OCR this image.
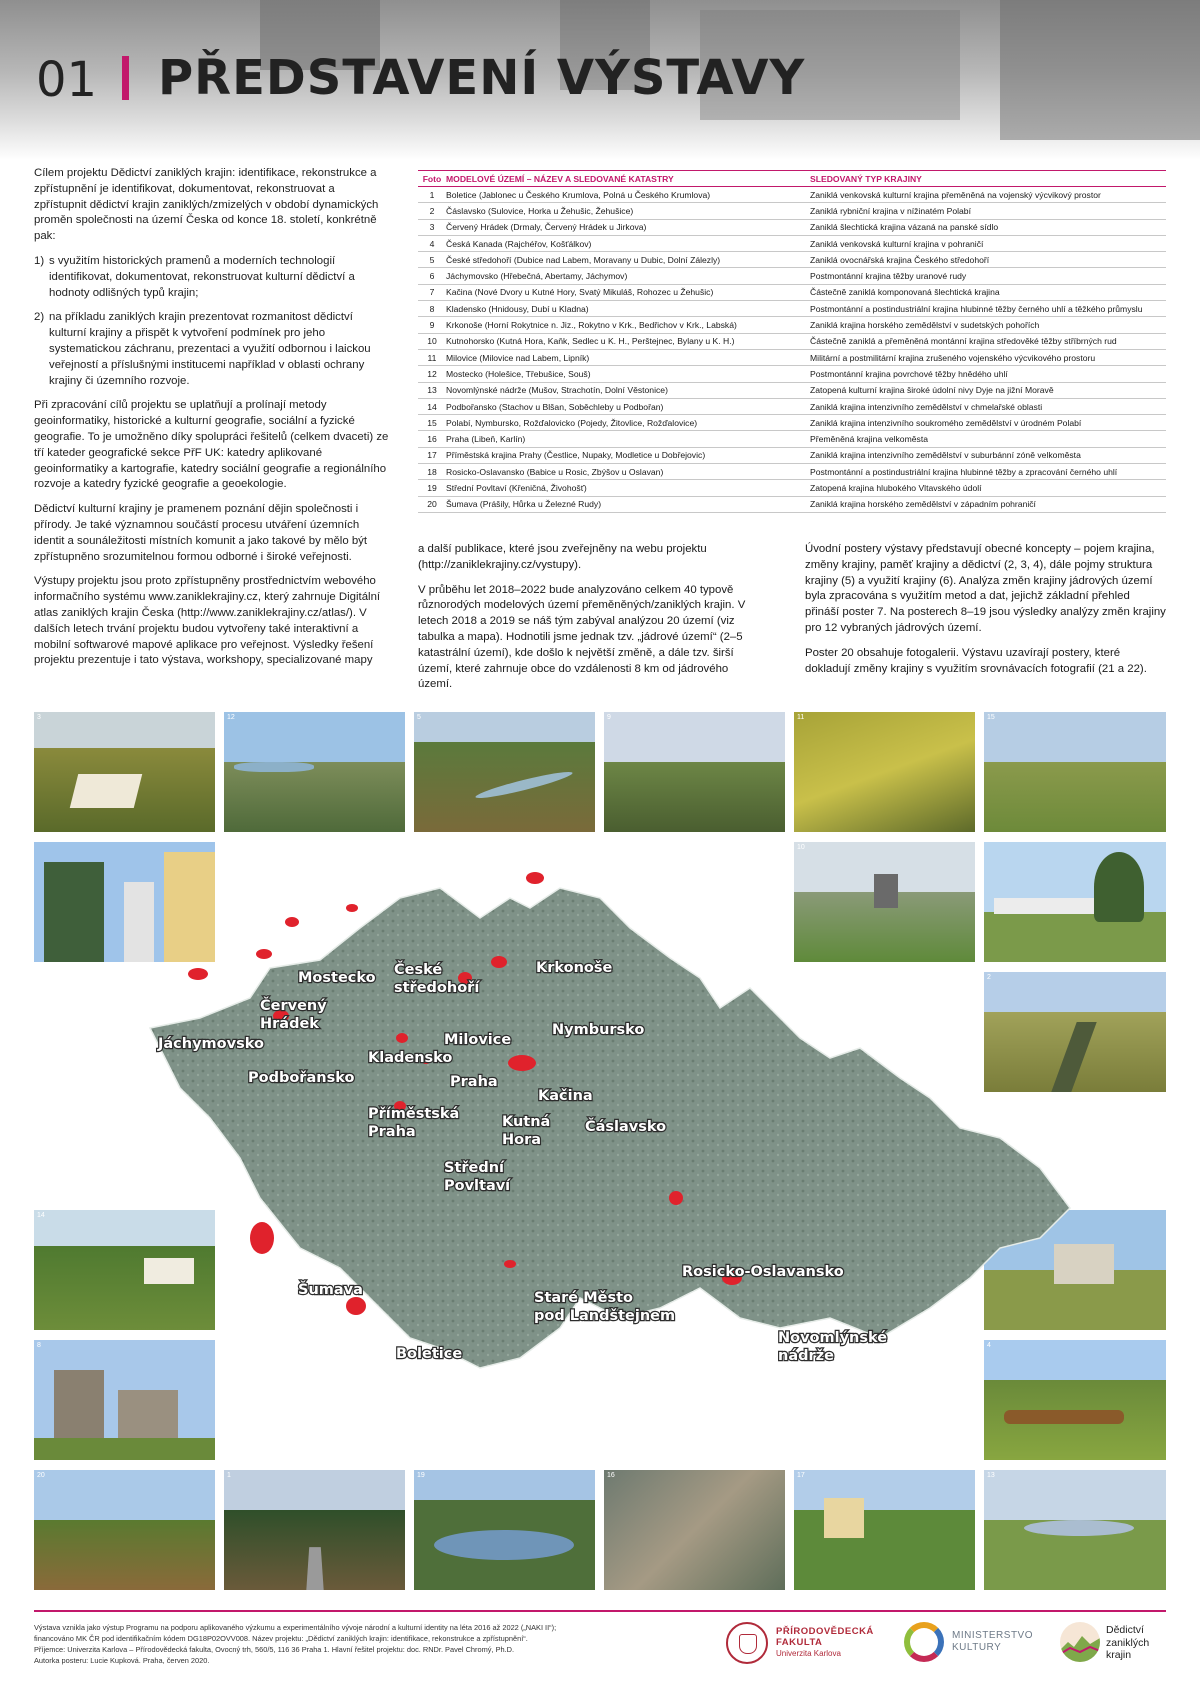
01 PŘEDSTAVENÍ VÝSTAVY

Cílem projektu Dědictví zaniklých krajin: identifikace, rekonstrukce a zpřístupnění je identifikovat, dokumentovat, rekonstruovat a zpřístupnit dědictví krajin zaniklých/zmizelých v období dynamických proměn společnosti na území Česka od konce 18. století, konkrétně pak:

1) s využitím historických pramenů a moderních technologií identifikovat, dokumentovat, rekonstruovat kulturní dědictví a hodnoty odlišných typů krajin;
2) na příkladu zaniklých krajin prezentovat rozmanitost dědictví kulturní krajiny a přispět k vytvoření podmínek pro jeho systematickou záchranu, prezentaci a využití odbornou i laickou veřejností a příslušnými institucemi například v oblasti ochrany krajiny či územního rozvoje.

Při zpracování cílů projektu se uplatňují a prolínají metody geoinformatiky, historické a kulturní geografie, sociální a fyzické geografie. To je umožněno díky spolupráci řešitelů (celkem dvaceti) ze tří kateder geografické sekce PřF UK: katedry aplikované geoinformatiky a kartografie, katedry sociální geografie a regionálního rozvoje a katedry fyzické geografie a geoekologie.

Dědictví kulturní krajiny je pramenem poznání dějin společnosti i přírody. Je také významnou součástí procesu utváření územních identit a sounáležitosti místních komunit a jako takové by mělo být zpřístupněno srozumitelnou formou odborné i široké veřejnosti.

Výstupy projektu jsou proto zpřístupněny prostřednictvím webového informačního systému www.zaniklekrajiny.cz, který zahrnuje Digitální atlas zaniklých krajin Česka (http://www.zaniklekrajiny.cz/atlas/). V dalších letech trvání projektu budou vytvořeny také interaktivní a mobilní softwarové mapové aplikace pro veřejnost. Výsledky řešení projektu prezentuje i tato výstava, workshopy, specializované mapy

Foto	MODELOVÉ ÚZEMÍ – NÁZEV A SLEDOVANÉ KATASTRY	SLEDOVANÝ TYP KRAJINY
1	Boletice (Jablonec u Českého Krumlova, Polná u Českého Krumlova)	Zaniklá venkovská kulturní krajina přeměněná na vojenský výcvikový prostor
2	Čáslavsko (Sulovice, Horka u Žehušic, Žehušice)	Zaniklá rybniční krajina v nížinatém Polabí
3	Červený Hrádek (Drmaly, Červený Hrádek u Jirkova)	Zaniklá šlechtická krajina vázaná na panské sídlo
4	Česká Kanada (Rajchéřov, Košťálkov)	Zaniklá venkovská kulturní krajina v pohraničí
5	České středohoří (Dubice nad Labem, Moravany u Dubic, Dolní Zálezly)	Zaniklá ovocnářská krajina Českého středohoří
6	Jáchymovsko (Hřebečná, Abertamy, Jáchymov)	Postmontánní krajina těžby uranové rudy
7	Kačina (Nové Dvory u Kutné Hory, Svatý Mikuláš, Rohozec u Žehušic)	Částečně zaniklá komponovaná šlechtická krajina
8	Kladensko (Hnidousy, Dubí u Kladna)	Postmontánní a postindustriální krajina hlubinné těžby černého uhlí a těžkého průmyslu
9	Krkonoše (Horní Rokytnice n. Jiz., Rokytno v Krk., Bedřichov v Krk., Labská)	Zaniklá krajina horského zemědělství v sudetských pohořích
10	Kutnohorsko (Kutná Hora, Kaňk, Sedlec u K. H., Perštejnec, Bylany u K. H.)	Částečně zaniklá a přeměněná montánní krajina středověké těžby stříbrných rud
11	Milovice (Milovice nad Labem, Lipník)	Militární a postmilitární krajina zrušeného vojenského výcvikového prostoru
12	Mostecko (Holešice, Třebušice, Souš)	Postmontánní krajina povrchové těžby hnědého uhlí
13	Novomlýnské nádrže (Mušov, Strachotín, Dolní Věstonice)	Zatopená kulturní krajina široké údolní nivy Dyje na jižní Moravě
14	Podbořansko (Stachov u Blšan, Soběchleby u Podbořan)	Zaniklá krajina intenzivního zemědělství v chmelařské oblasti
15	Polabí, Nymbursko, Rožďalovicko (Pojedy, Žitovlice, Rožďalovice)	Zaniklá krajina intenzivního soukromého zemědělství v úrodném Polabí
16	Praha (Libeň, Karlín)	Přeměněná krajina velkoměsta
17	Příměstská krajina Prahy (Čestlice, Nupaky, Modletice u Dobřejovic)	Zaniklá krajina intenzivního zemědělství v suburbánní zóně velkoměsta
18	Rosicko-Oslavansko (Babice u Rosic, Zbýšov u Oslavan)	Postmontánní a postindustriální krajina hlubinné těžby a zpracování černého uhlí
19	Střední Povltaví (Křeničná, Živohošť)	Zatopená krajina hlubokého Vltavského údolí
20	Šumava (Prášily, Hůrka u Železné Rudy)	Zaniklá krajina horského zemědělství v západním pohraničí

a další publikace, které jsou zveřejněny na webu projektu (http://zaniklekrajiny.cz/vystupy).

V průběhu let 2018–2022 bude analyzováno celkem 40 typově různorodých modelových území přeměněných/zaniklých krajin. V letech 2018 a 2019 se náš tým zabýval analýzou 20 území (viz tabulka a mapa). Hodnotili jsme jednak tzv. „jádrové území“ (2–5 katastrální území), kde došlo k největší změně, a dále tzv. širší území, které zahrnuje obce do vzdálenosti 8 km od jádrového území.

Úvodní postery výstavy představují obecné koncepty – pojem krajina, změny krajiny, paměť krajiny a dědictví (2, 3, 4), dále pojmy struktura krajiny (5) a využití krajiny (6). Analýza změn krajiny jádrových území byla zpracována s využitím metod a dat, jejichž základní přehled přináší poster 7. Na posterech 8–19 jsou výsledky analýzy změn krajiny pro 12 vybraných jádrových území.

Poster 20 obsahuje fotogalerii. Výstavu uzavírají postery, které dokladují změny krajiny s využitím srovnávacích fotografií (21 a 22).

3	12	5	9	11	15
10
2
4
14
8
20	1	19	16	17	13
Mostecko České
středohoří
Krkonoše
Červený
Hrádek
Jáchymovsko	Milovice
Nymbursko
Kladensko
Podbořansko	Praha
Příměstská
Praha
Kačina
Kutná
Hora
Čáslavsko
Střední
Povltaví
Rosicko-Oslavansko
Staré Město
pod Landštejnem
Šumava
Novomlýnské
nádrže
Boletice
Výstava vznikla jako výstup Programu na podporu aplikovaného výzkumu a experimentálního vývoje národní a kulturní identity na léta 2016 až 2022 („NAKI II“);
financováno MK ČR pod identifikačním kódem DG18P02OVV008. Název projektu: „Dědictví zaniklých krajin: identifikace, rekonstrukce a zpřístupnění“.
Příjemce: Univerzita Karlova – Přírodovědecká fakulta, Ovocný trh, 560/5, 116 36 Praha 1. Hlavní řešitel projektu: doc. RNDr. Pavel Chromý, Ph.D.
Autorka posteru: Lucie Kupková. Praha, červen 2020.
PŘÍRODOVĚDECKÁ
FAKULTA
Univerzita Karlova
MINISTERSTVO
KULTURY
Dědictví
zaniklých
krajin
